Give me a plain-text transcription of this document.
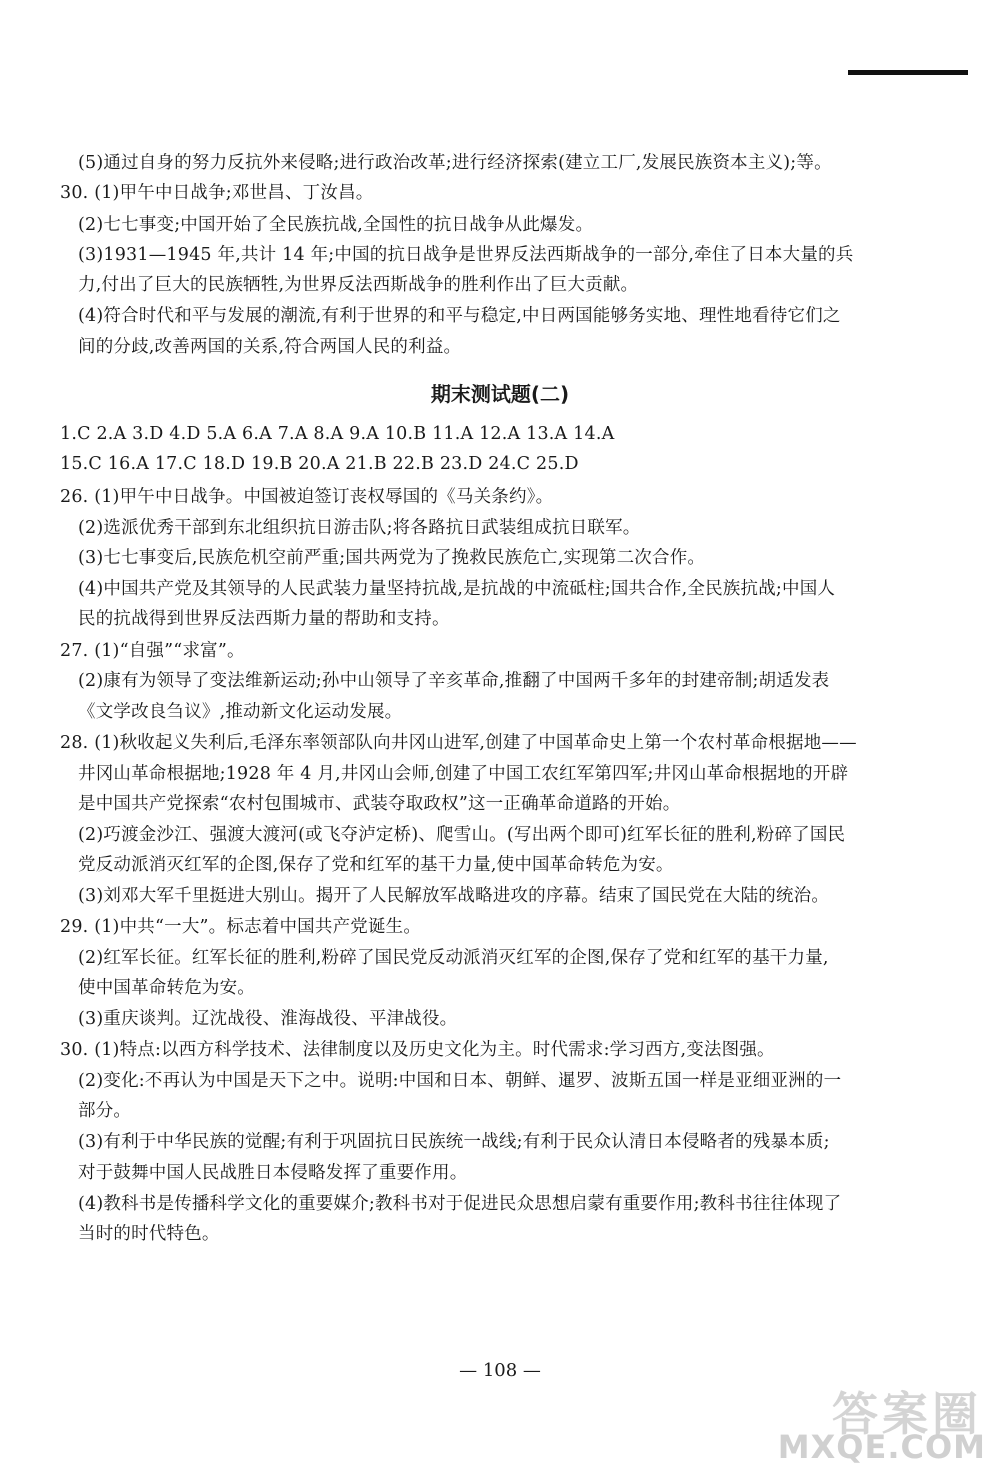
(5)通过自身的努力反抗外来侵略;进行政治改革;进行经济探索(建立工厂,发展民族资本主义);等。
30. (1)甲午中日战争;邓世昌、丁汝昌。
(2)七七事变;中国开始了全民族抗战,全国性的抗日战争从此爆发。
(3)1931—1945 年,共计 14 年;中国的抗日战争是世界反法西斯战争的一部分,牵住了日本大量的兵
力,付出了巨大的民族牺牲,为世界反法西斯战争的胜利作出了巨大贡献。
(4)符合时代和平与发展的潮流,有利于世界的和平与稳定,中日两国能够务实地、理性地看待它们之
间的分歧,改善两国的关系,符合两国人民的利益。
期末测试题(二)
1.C 2.A 3.D 4.D 5.A 6.A 7.A 8.A 9.A 10.B 11.A 12.A 13.A 14.A
15.C 16.A 17.C 18.D 19.B 20.A 21.B 22.B 23.D 24.C 25.D
26. (1)甲午中日战争。中国被迫签订丧权辱国的《马关条约》。
(2)选派优秀干部到东北组织抗日游击队;将各路抗日武装组成抗日联军。
(3)七七事变后,民族危机空前严重;国共两党为了挽救民族危亡,实现第二次合作。
(4)中国共产党及其领导的人民武装力量坚持抗战,是抗战的中流砥柱;国共合作,全民族抗战;中国人
民的抗战得到世界反法西斯力量的帮助和支持。
27. (1)“自强”“求富”。
(2)康有为领导了变法维新运动;孙中山领导了辛亥革命,推翻了中国两千多年的封建帝制;胡适发表
《文学改良刍议》,推动新文化运动发展。
28. (1)秋收起义失利后,毛泽东率领部队向井冈山进军,创建了中国革命史上第一个农村革命根据地——
井冈山革命根据地;1928 年 4 月,井冈山会师,创建了中国工农红军第四军;井冈山革命根据地的开辟
是中国共产党探索“农村包围城市、武装夺取政权”这一正确革命道路的开始。
(2)巧渡金沙江、强渡大渡河(或飞夺泸定桥)、爬雪山。(写出两个即可)红军长征的胜利,粉碎了国民
党反动派消灭红军的企图,保存了党和红军的基干力量,使中国革命转危为安。
(3)刘邓大军千里挺进大别山。揭开了人民解放军战略进攻的序幕。结束了国民党在大陆的统治。
29. (1)中共“一大”。标志着中国共产党诞生。
(2)红军长征。红军长征的胜利,粉碎了国民党反动派消灭红军的企图,保存了党和红军的基干力量,
使中国革命转危为安。
(3)重庆谈判。辽沈战役、淮海战役、平津战役。
30. (1)特点:以西方科学技术、法律制度以及历史文化为主。时代需求:学习西方,变法图强。
(2)变化:不再认为中国是天下之中。说明:中国和日本、朝鲜、暹罗、波斯五国一样是亚细亚洲的一
部分。
(3)有利于中华民族的觉醒;有利于巩固抗日民族统一战线;有利于民众认清日本侵略者的残暴本质;
对于鼓舞中国人民战胜日本侵略发挥了重要作用。
(4)教科书是传播科学文化的重要媒介;教科书对于促进民众思想启蒙有重要作用;教科书往往体现了
当时的时代特色。
— 108 —
答案圈
MXQE.COM
